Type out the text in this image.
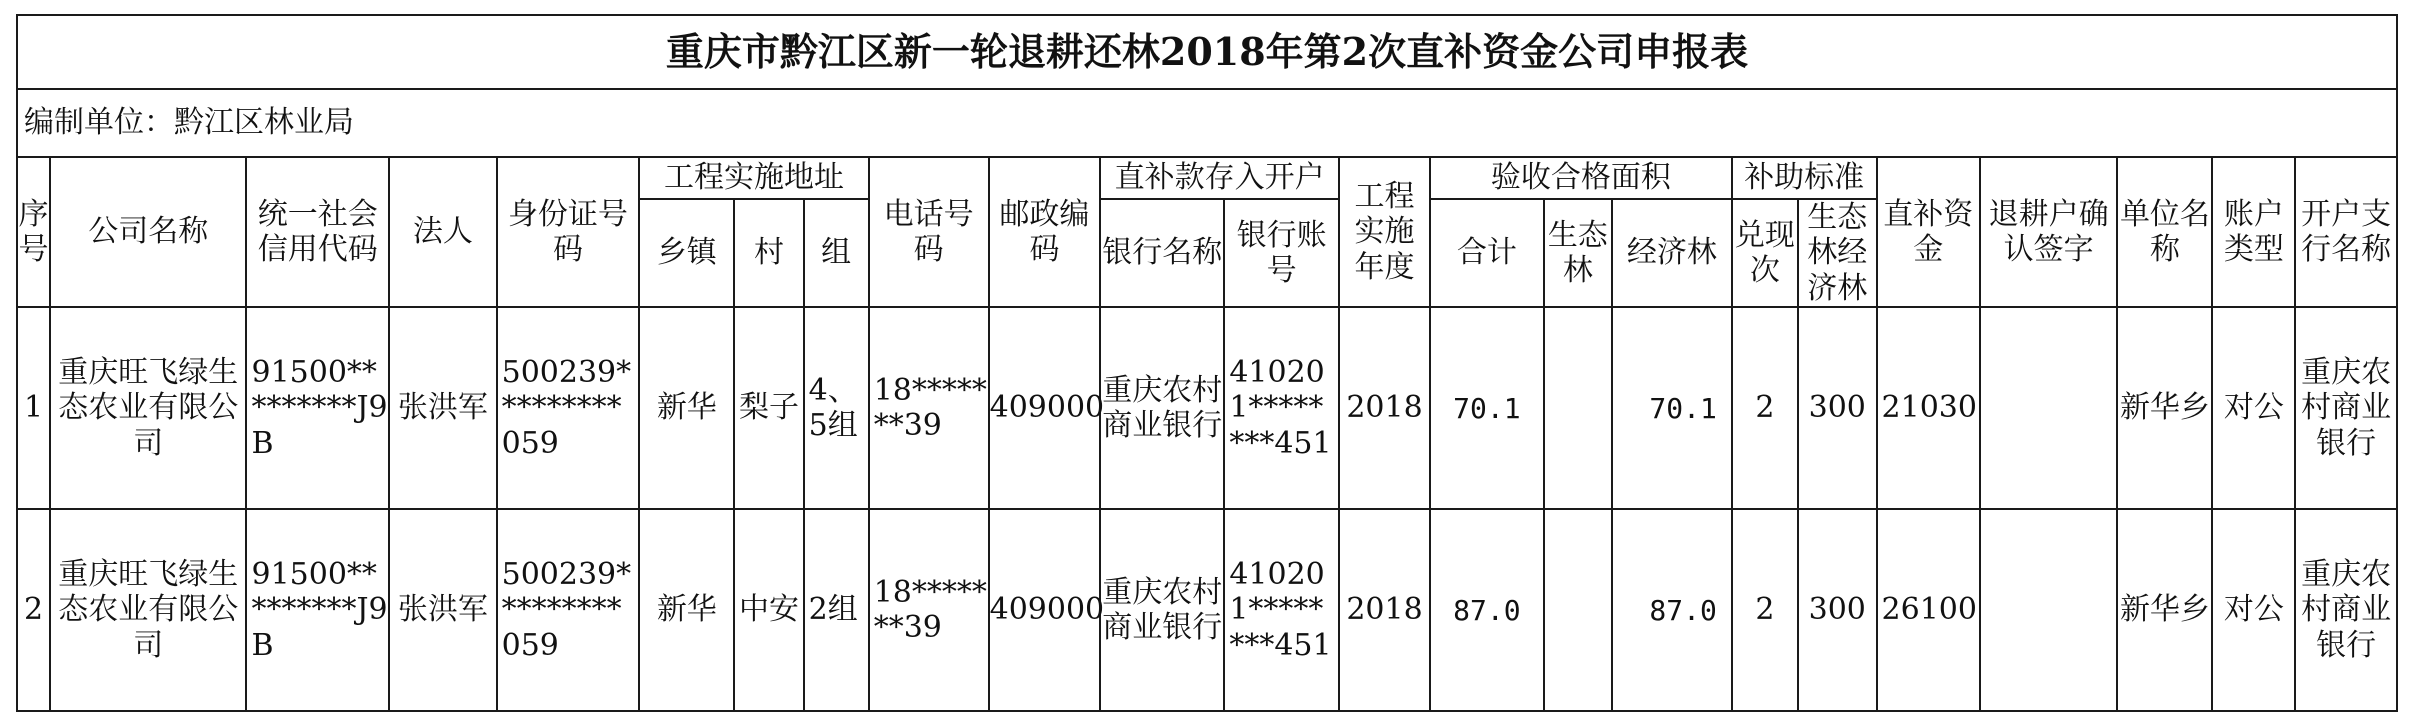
重庆市黔江区新一轮退耕还林2018年第2次直补资金公司申报表																						
编制单位：黔江区林业局																						
序号	公司名称	统一社会信用代码	法人	身份证号码	工程实施地址			电话号码	邮政编码	直补款存入开户		工程实施年度	验收合格面积			补助标准		直补资金	退耕户确认签字	单位名称	账户类型	开户支行名称
					乡镇	村	组			银行名称	银行账号		合计	生态林	经济林	兑现次	生态林经济林					
1	重庆旺飞绿生态农业有限公司	91500*********J9B	张洪军	500239*********059	新华	梨子	4、5组	18*******39	409000	重庆农村商业银行	410201********451	2018	70.1		70.1	2	300	21030		新华乡	对公	重庆农村商业银行
2	重庆旺飞绿生态农业有限公司	91500*********J9B	张洪军	500239*********059	新华	中安	2组	18*******39	409000	重庆农村商业银行	410201********451	2018	87.0		87.0	2	300	26100		新华乡	对公	重庆农村商业银行
